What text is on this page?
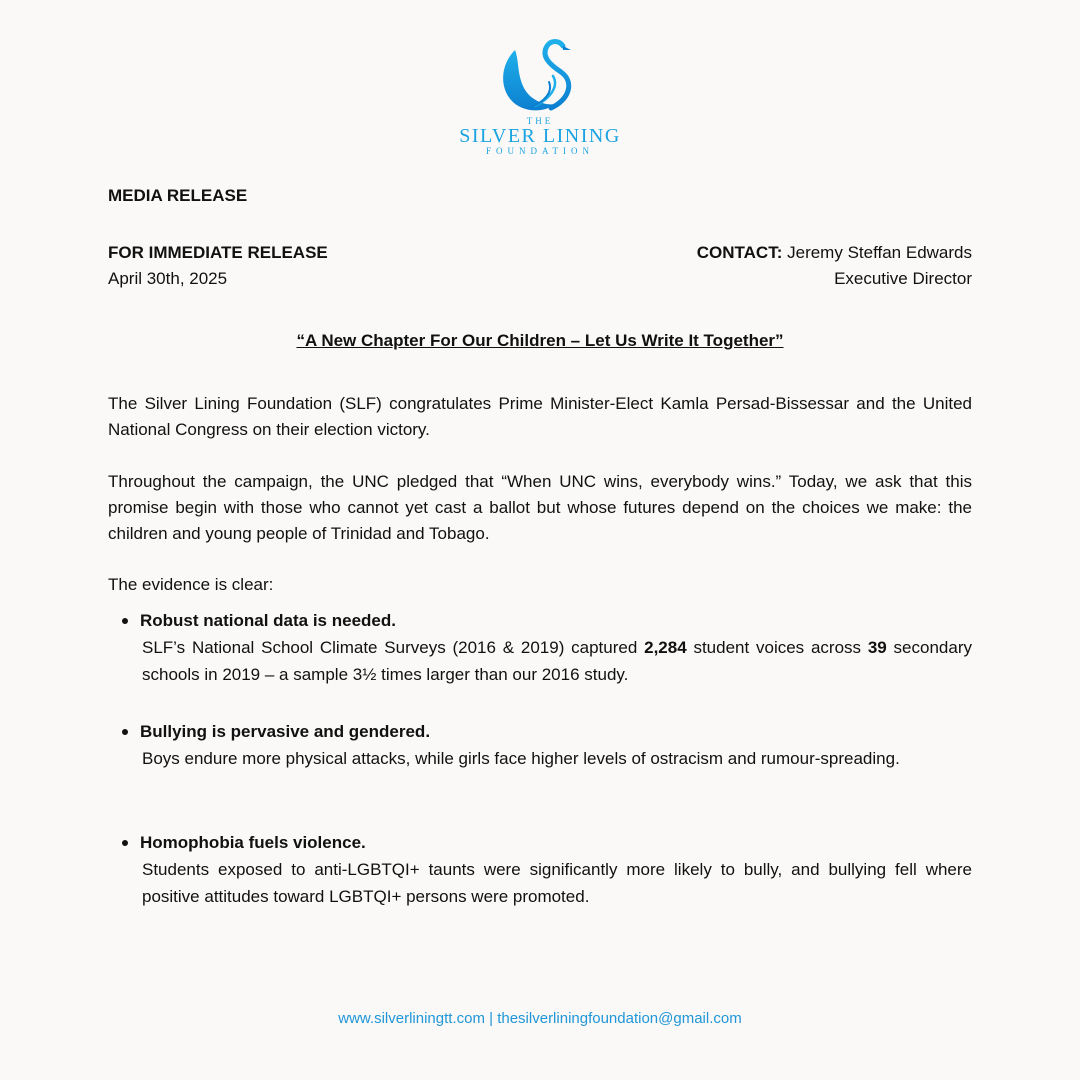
THE
SILVER LINING
FOUNDATION
MEDIA RELEASE
FOR IMMEDIATE RELEASE
April 30th, 2025
CONTACT: Jeremy Steffan Edwards
Executive Director
“A New Chapter For Our Children – Let Us Write It Together”
The Silver Lining Foundation (SLF) congratulates Prime Minister-Elect Kamla Persad-Bissessar and the United National Congress on their election victory.
Throughout the campaign, the UNC pledged that “When UNC wins, everybody wins.” Today, we ask that this promise begin with those who cannot yet cast a ballot but whose futures depend on the choices we make: the children and young people of Trinidad and Tobago.
The evidence is clear:
Robust national data is needed.
SLF’s National School Climate Surveys (2016 & 2019) captured 2,284 student voices across 39 secondary schools in 2019 – a sample 3½ times larger than our 2016 study.
Bullying is pervasive and gendered.
Boys endure more physical attacks, while girls face higher levels of ostracism and rumour-spreading.
Homophobia fuels violence.
Students exposed to anti-LGBTQI+ taunts were significantly more likely to bully, and bullying fell where positive attitudes toward LGBTQI+ persons were promoted.
www.silverliningtt.com | thesilverliningfoundation@gmail.com
